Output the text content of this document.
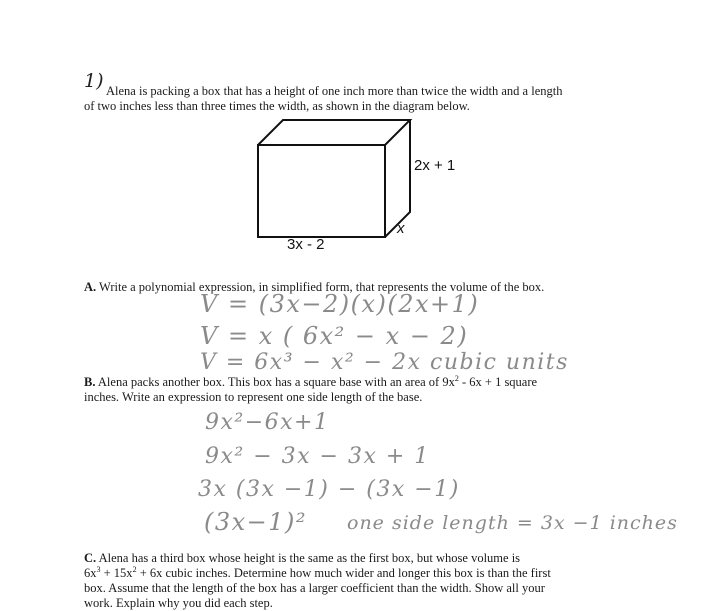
1) Alena is packing a box that has a height of one inch more than twice the width and a length
of two inches less than three times the width, as shown in the diagram below.
2x + 1
3x - 2
x
A. Write a polynomial expression, in simplified form, that represents the volume of the box.
V = (3x−2)(x)(2x+1)
V = x ( 6x² − x − 2)
V = 6x³ − x² − 2x cubic units
B. Alena packs another box. This box has a square base with an area of $9x^2 - 6x + 1$ square
inches. Write an expression to represent one side length of the base.
9x²−6x+1
9x² − 3x − 3x + 1
3x (3x −1) − (3x −1)
(3x−1)² one side length = 3x −1 inches
C. Alena has a third box whose height is the same as the first box, but whose volume is
$6x^3 + 15x^2 + 6x$ cubic inches. Determine how much wider and longer this box is than the first
box. Assume that the length of the box has a larger coefficient than the width. Show all your
work. Explain why you did each step.
